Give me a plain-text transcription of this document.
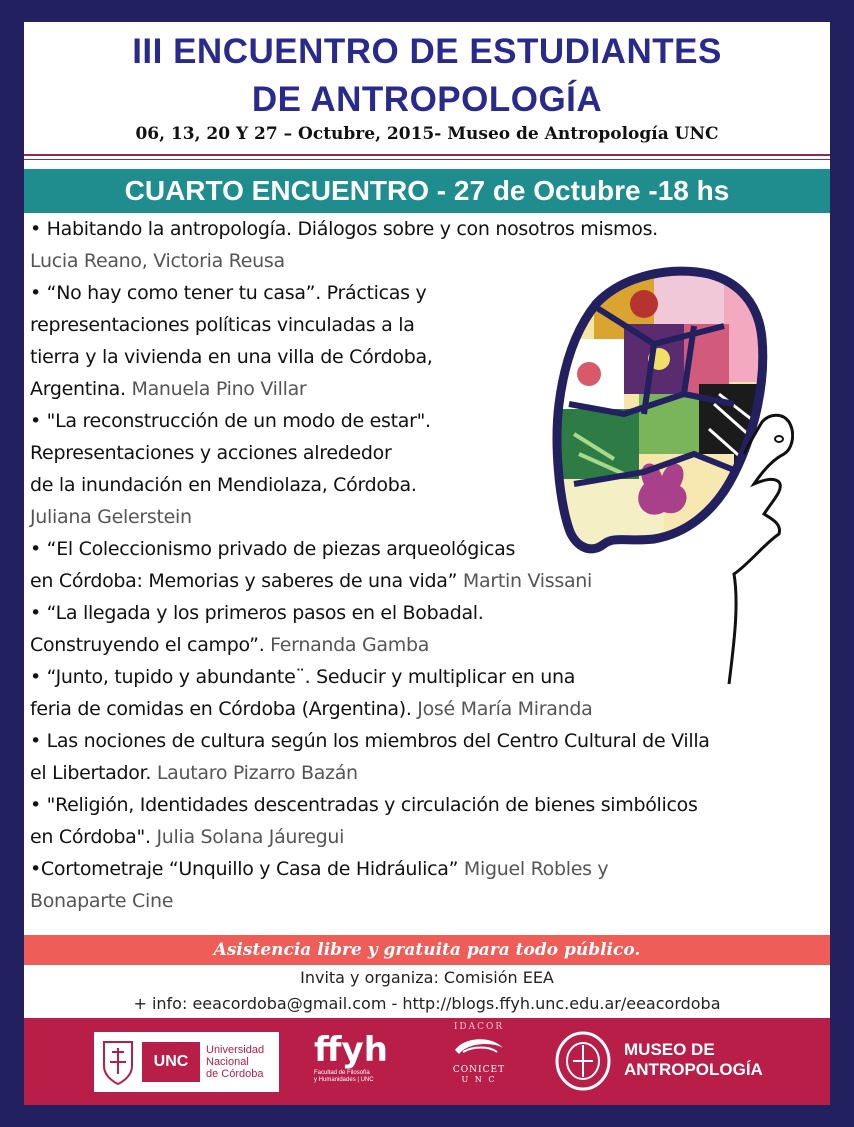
III ENCUENTRO DE ESTUDIANTES
DE ANTROPOLOGÍA
06, 13, 20 Y 27 – Octubre, 2015- Museo de Antropología UNC
CUARTO ENCUENTRO - 27 de Octubre -18 hs
• Habitando la antropología. Diálogos sobre y con nosotros mismos.
Lucia Reano, Victoria Reusa
• “No hay como tener tu casa”. Prácticas y
representaciones políticas vinculadas a la
tierra y la vivienda en una villa de Córdoba,
Argentina. Manuela Pino Villar
• "La reconstrucción de un modo de estar".
Representaciones y acciones alrededor
de la inundación en Mendiolaza, Córdoba.
Juliana Gelerstein
• “El Coleccionismo privado de piezas arqueológicas
en Córdoba: Memorias y saberes de una vida” Martin Vissani
• “La llegada y los primeros pasos en el Bobadal.
Construyendo el campo”. Fernanda Gamba
• “Junto, tupido y abundante¨. Seducir y multiplicar en una
feria de comidas en Córdoba (Argentina). José María Miranda
• Las nociones de cultura según los miembros del Centro Cultural de Villa
el Libertador. Lautaro Pizarro Bazán
• "Religión, Identidades descentradas y circulación de bienes simbólicos
en Córdoba". Julia Solana Jáuregui
•Cortometraje “Unquillo y Casa de Hidráulica” Miguel Robles y
Bonaparte Cine
Asistencia libre y gratuita para todo público.
Invita y organiza: Comisión EEA
+ info: eeacordoba@gmail.com - http://blogs.ffyh.unc.edu.ar/eeacordoba
UNC
Universidad
Nacional
de Córdoba
ffyh
Facultad de Filosofía
y Humanidades | UNC
IDACOR
CONICET
U N C
MUSEO DE
ANTROPOLOGÍA
